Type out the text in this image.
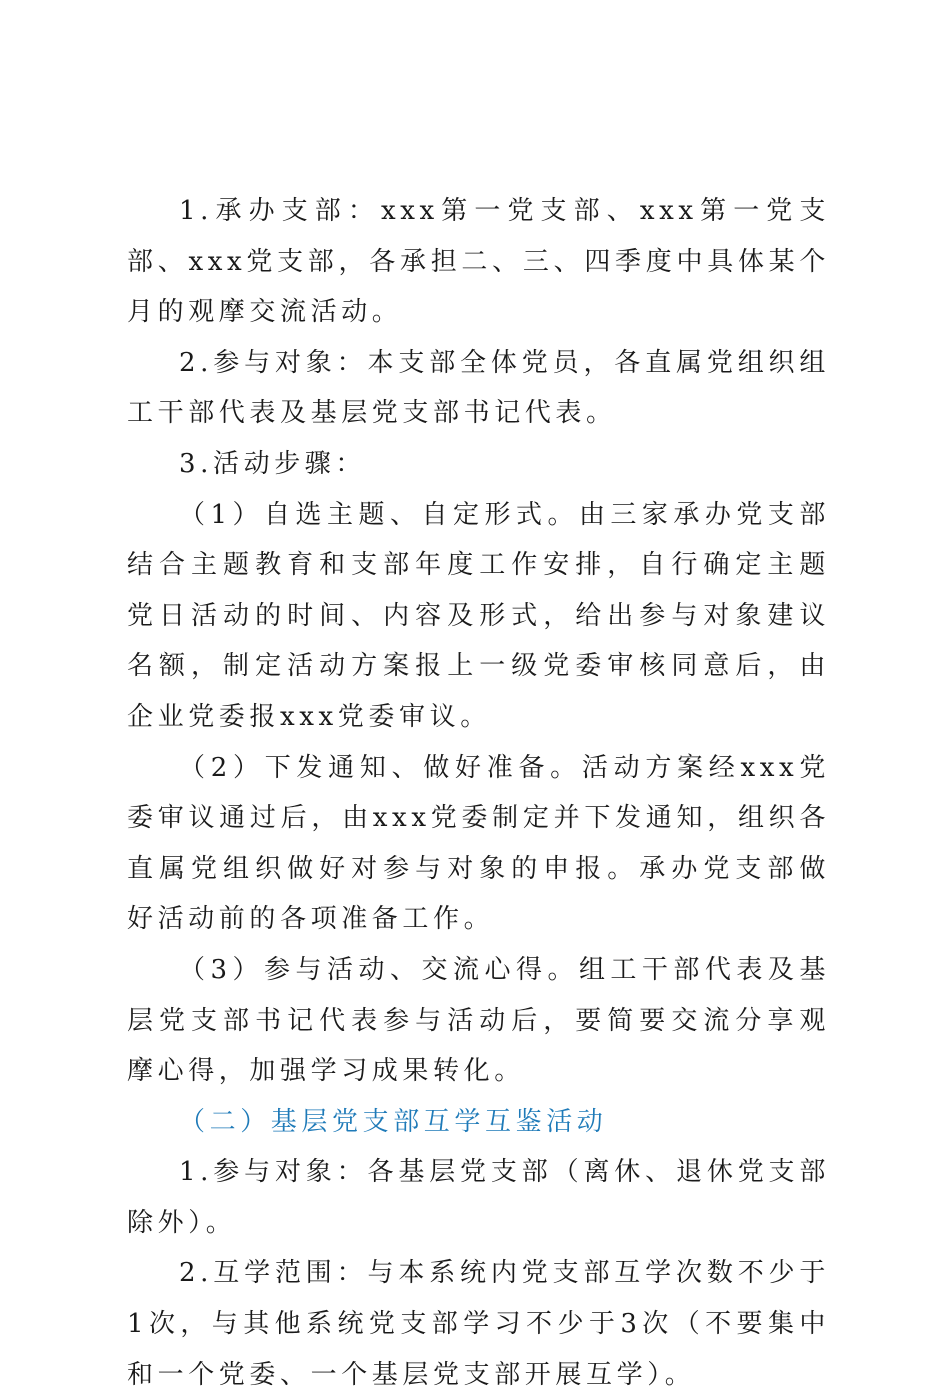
1.承办支部：xxx第一党支部、xxx第一党支部、xxx党支部，各承担二、三、四季度中具体某个月的观摩交流活动。

2.参与对象：本支部全体党员，各直属党组织组工干部代表及基层党支部书记代表。

3.活动步骤：

（1）自选主题、自定形式。由三家承办党支部结合主题教育和支部年度工作安排，自行确定主题党日活动的时间、内容及形式，给出参与对象建议名额，制定活动方案报上一级党委审核同意后，由企业党委报xxx党委审议。

（2）下发通知、做好准备。活动方案经xxx党委审议通过后，由xxx党委制定并下发通知，组织各直属党组织做好对参与对象的申报。承办党支部做好活动前的各项准备工作。

（3）参与活动、交流心得。组工干部代表及基层党支部书记代表参与活动后，要简要交流分享观摩心得，加强学习成果转化。

（二）基层党支部互学互鉴活动

1.参与对象：各基层党支部（离休、退休党支部除外）。

2.互学范围：与本系统内党支部互学次数不少于1次，与其他系统党支部学习不少于3次（不要集中和一个党委、一个基层党支部开展互学）。
